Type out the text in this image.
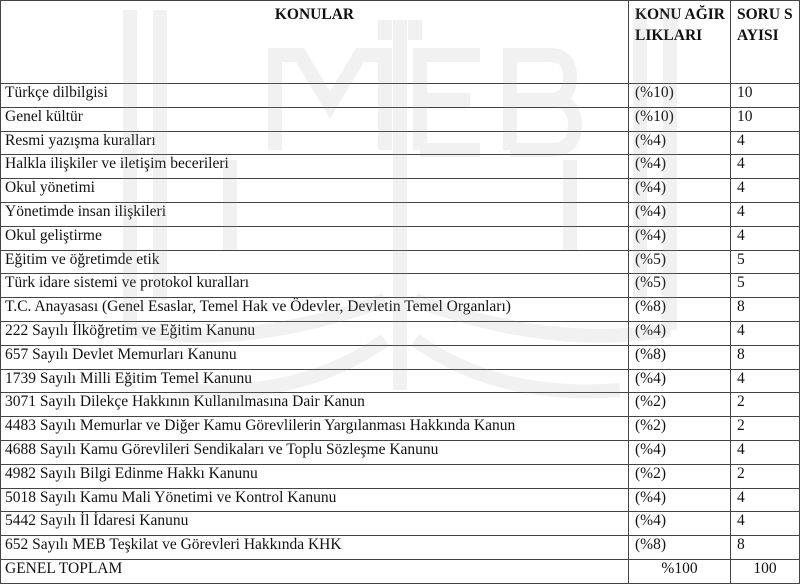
KONULAR	KONU AĞIRLIKLARI	SORU SAYISI
Türkçe dilbilgisi	(%10)	10
Genel kültür	(%10)	10
Resmi yazışma kuralları	(%4)	4
Halkla ilişkiler ve iletişim becerileri	(%4)	4
Okul yönetimi	(%4)	4
Yönetimde insan ilişkileri	(%4)	4
Okul geliştirme	(%4)	4
Eğitim ve öğretimde etik	(%5)	5
Türk idare sistemi ve protokol kuralları	(%5)	5
T.C. Anayasası (Genel Esaslar, Temel Hak ve Ödevler, Devletin Temel Organları)	(%8)	8
222 Sayılı İlköğretim ve Eğitim Kanunu	(%4)	4
657 Sayılı Devlet Memurları Kanunu	(%8)	8
1739 Sayılı Milli Eğitim Temel Kanunu	(%4)	4
3071 Sayılı Dilekçe Hakkının Kullanılmasına Dair Kanun	(%2)	2
4483 Sayılı Memurlar ve Diğer Kamu Görevlilerin Yargılanması Hakkında Kanun	(%2)	2
4688 Sayılı Kamu Görevlileri Sendikaları ve Toplu Sözleşme Kanunu	(%4)	4
4982 Sayılı Bilgi Edinme Hakkı Kanunu	(%2)	2
5018 Sayılı Kamu Mali Yönetimi ve Kontrol Kanunu	(%4)	4
5442 Sayılı İl İdaresi Kanunu	(%4)	4
652 Sayılı MEB Teşkilat ve Görevleri Hakkında KHK	(%8)	8
GENEL TOPLAM	%100	100
